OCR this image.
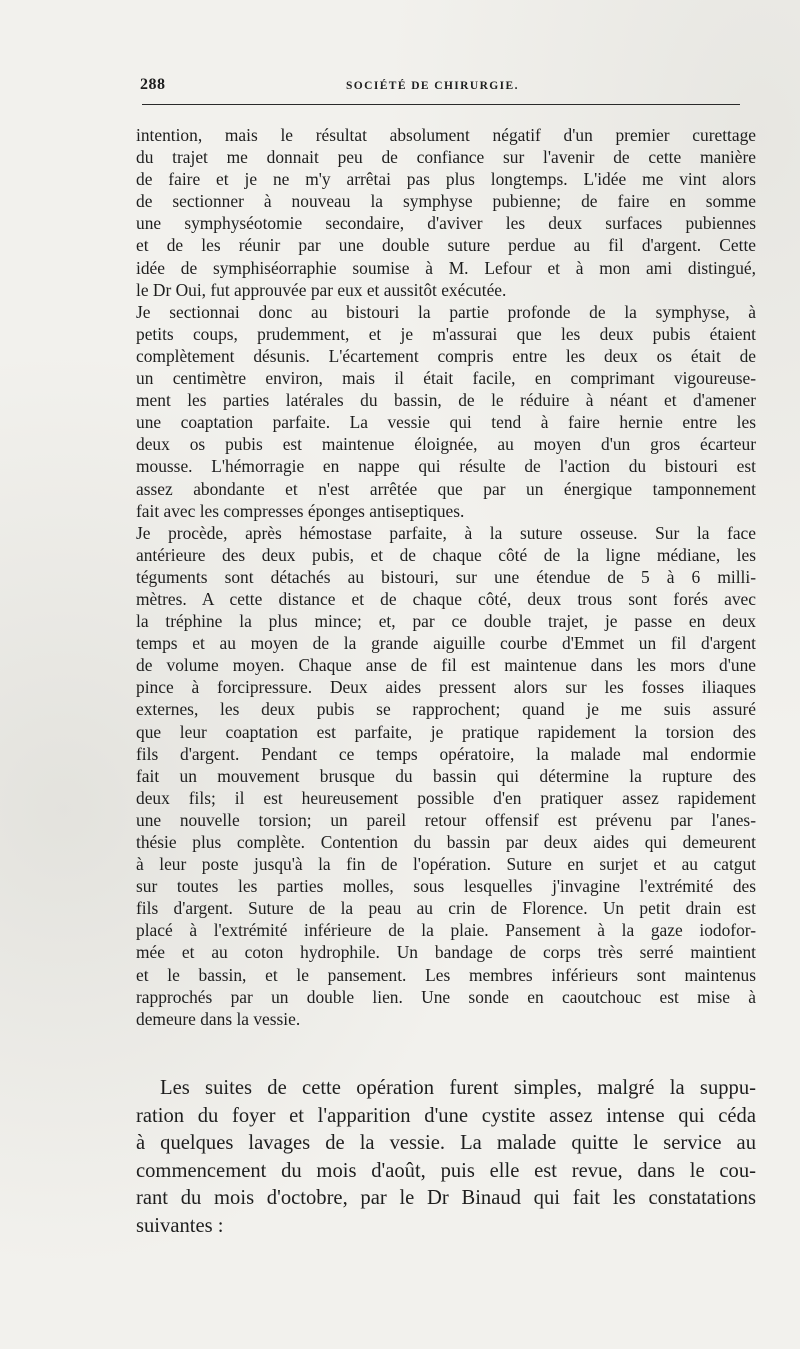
288	SOCIÉTÉ DE CHIRURGIE.
intention, mais le résultat absolument négatif d'un premier curettage
du trajet me donnait peu de confiance sur l'avenir de cette manière
de faire et je ne m'y arrêtai pas plus longtemps. L'idée me vint alors
de sectionner à nouveau la symphyse pubienne; de faire en somme
une symphyséotomie secondaire, d'aviver les deux surfaces pubiennes
et de les réunir par une double suture perdue au fil d'argent. Cette
idée de symphiséorraphie soumise à M. Lefour et à mon ami distingué,
le Dr Oui, fut approuvée par eux et aussitôt exécutée.
Je sectionnai donc au bistouri la partie profonde de la symphyse, à
petits coups, prudemment, et je m'assurai que les deux pubis étaient
complètement désunis. L'écartement compris entre les deux os était de
un centimètre environ, mais il était facile, en comprimant vigoureuse-
ment les parties latérales du bassin, de le réduire à néant et d'amener
une coaptation parfaite. La vessie qui tend à faire hernie entre les
deux os pubis est maintenue éloignée, au moyen d'un gros écarteur
mousse. L'hémorragie en nappe qui résulte de l'action du bistouri est
assez abondante et n'est arrêtée que par un énergique tamponnement
fait avec les compresses éponges antiseptiques.
Je procède, après hémostase parfaite, à la suture osseuse. Sur la face
antérieure des deux pubis, et de chaque côté de la ligne médiane, les
téguments sont détachés au bistouri, sur une étendue de 5 à 6 milli-
mètres. A cette distance et de chaque côté, deux trous sont forés avec
la tréphine la plus mince; et, par ce double trajet, je passe en deux
temps et au moyen de la grande aiguille courbe d'Emmet un fil d'argent
de volume moyen. Chaque anse de fil est maintenue dans les mors d'une
pince à forcipressure. Deux aides pressent alors sur les fosses iliaques
externes, les deux pubis se rapprochent; quand je me suis assuré
que leur coaptation est parfaite, je pratique rapidement la torsion des
fils d'argent. Pendant ce temps opératoire, la malade mal endormie
fait un mouvement brusque du bassin qui détermine la rupture des
deux fils; il est heureusement possible d'en pratiquer assez rapidement
une nouvelle torsion; un pareil retour offensif est prévenu par l'anes-
thésie plus complète. Contention du bassin par deux aides qui demeurent
à leur poste jusqu'à la fin de l'opération. Suture en surjet et au catgut
sur toutes les parties molles, sous lesquelles j'invagine l'extrémité des
fils d'argent. Suture de la peau au crin de Florence. Un petit drain est
placé à l'extrémité inférieure de la plaie. Pansement à la gaze iodofor-
mée et au coton hydrophile. Un bandage de corps très serré maintient
et le bassin, et le pansement. Les membres inférieurs sont maintenus
rapprochés par un double lien. Une sonde en caoutchouc est mise à
demeure dans la vessie.
Les suites de cette opération furent simples, malgré la suppu-
ration du foyer et l'apparition d'une cystite assez intense qui céda
à quelques lavages de la vessie. La malade quitte le service au
commencement du mois d'août, puis elle est revue, dans le cou-
rant du mois d'octobre, par le Dr Binaud qui fait les constatations
suivantes :
